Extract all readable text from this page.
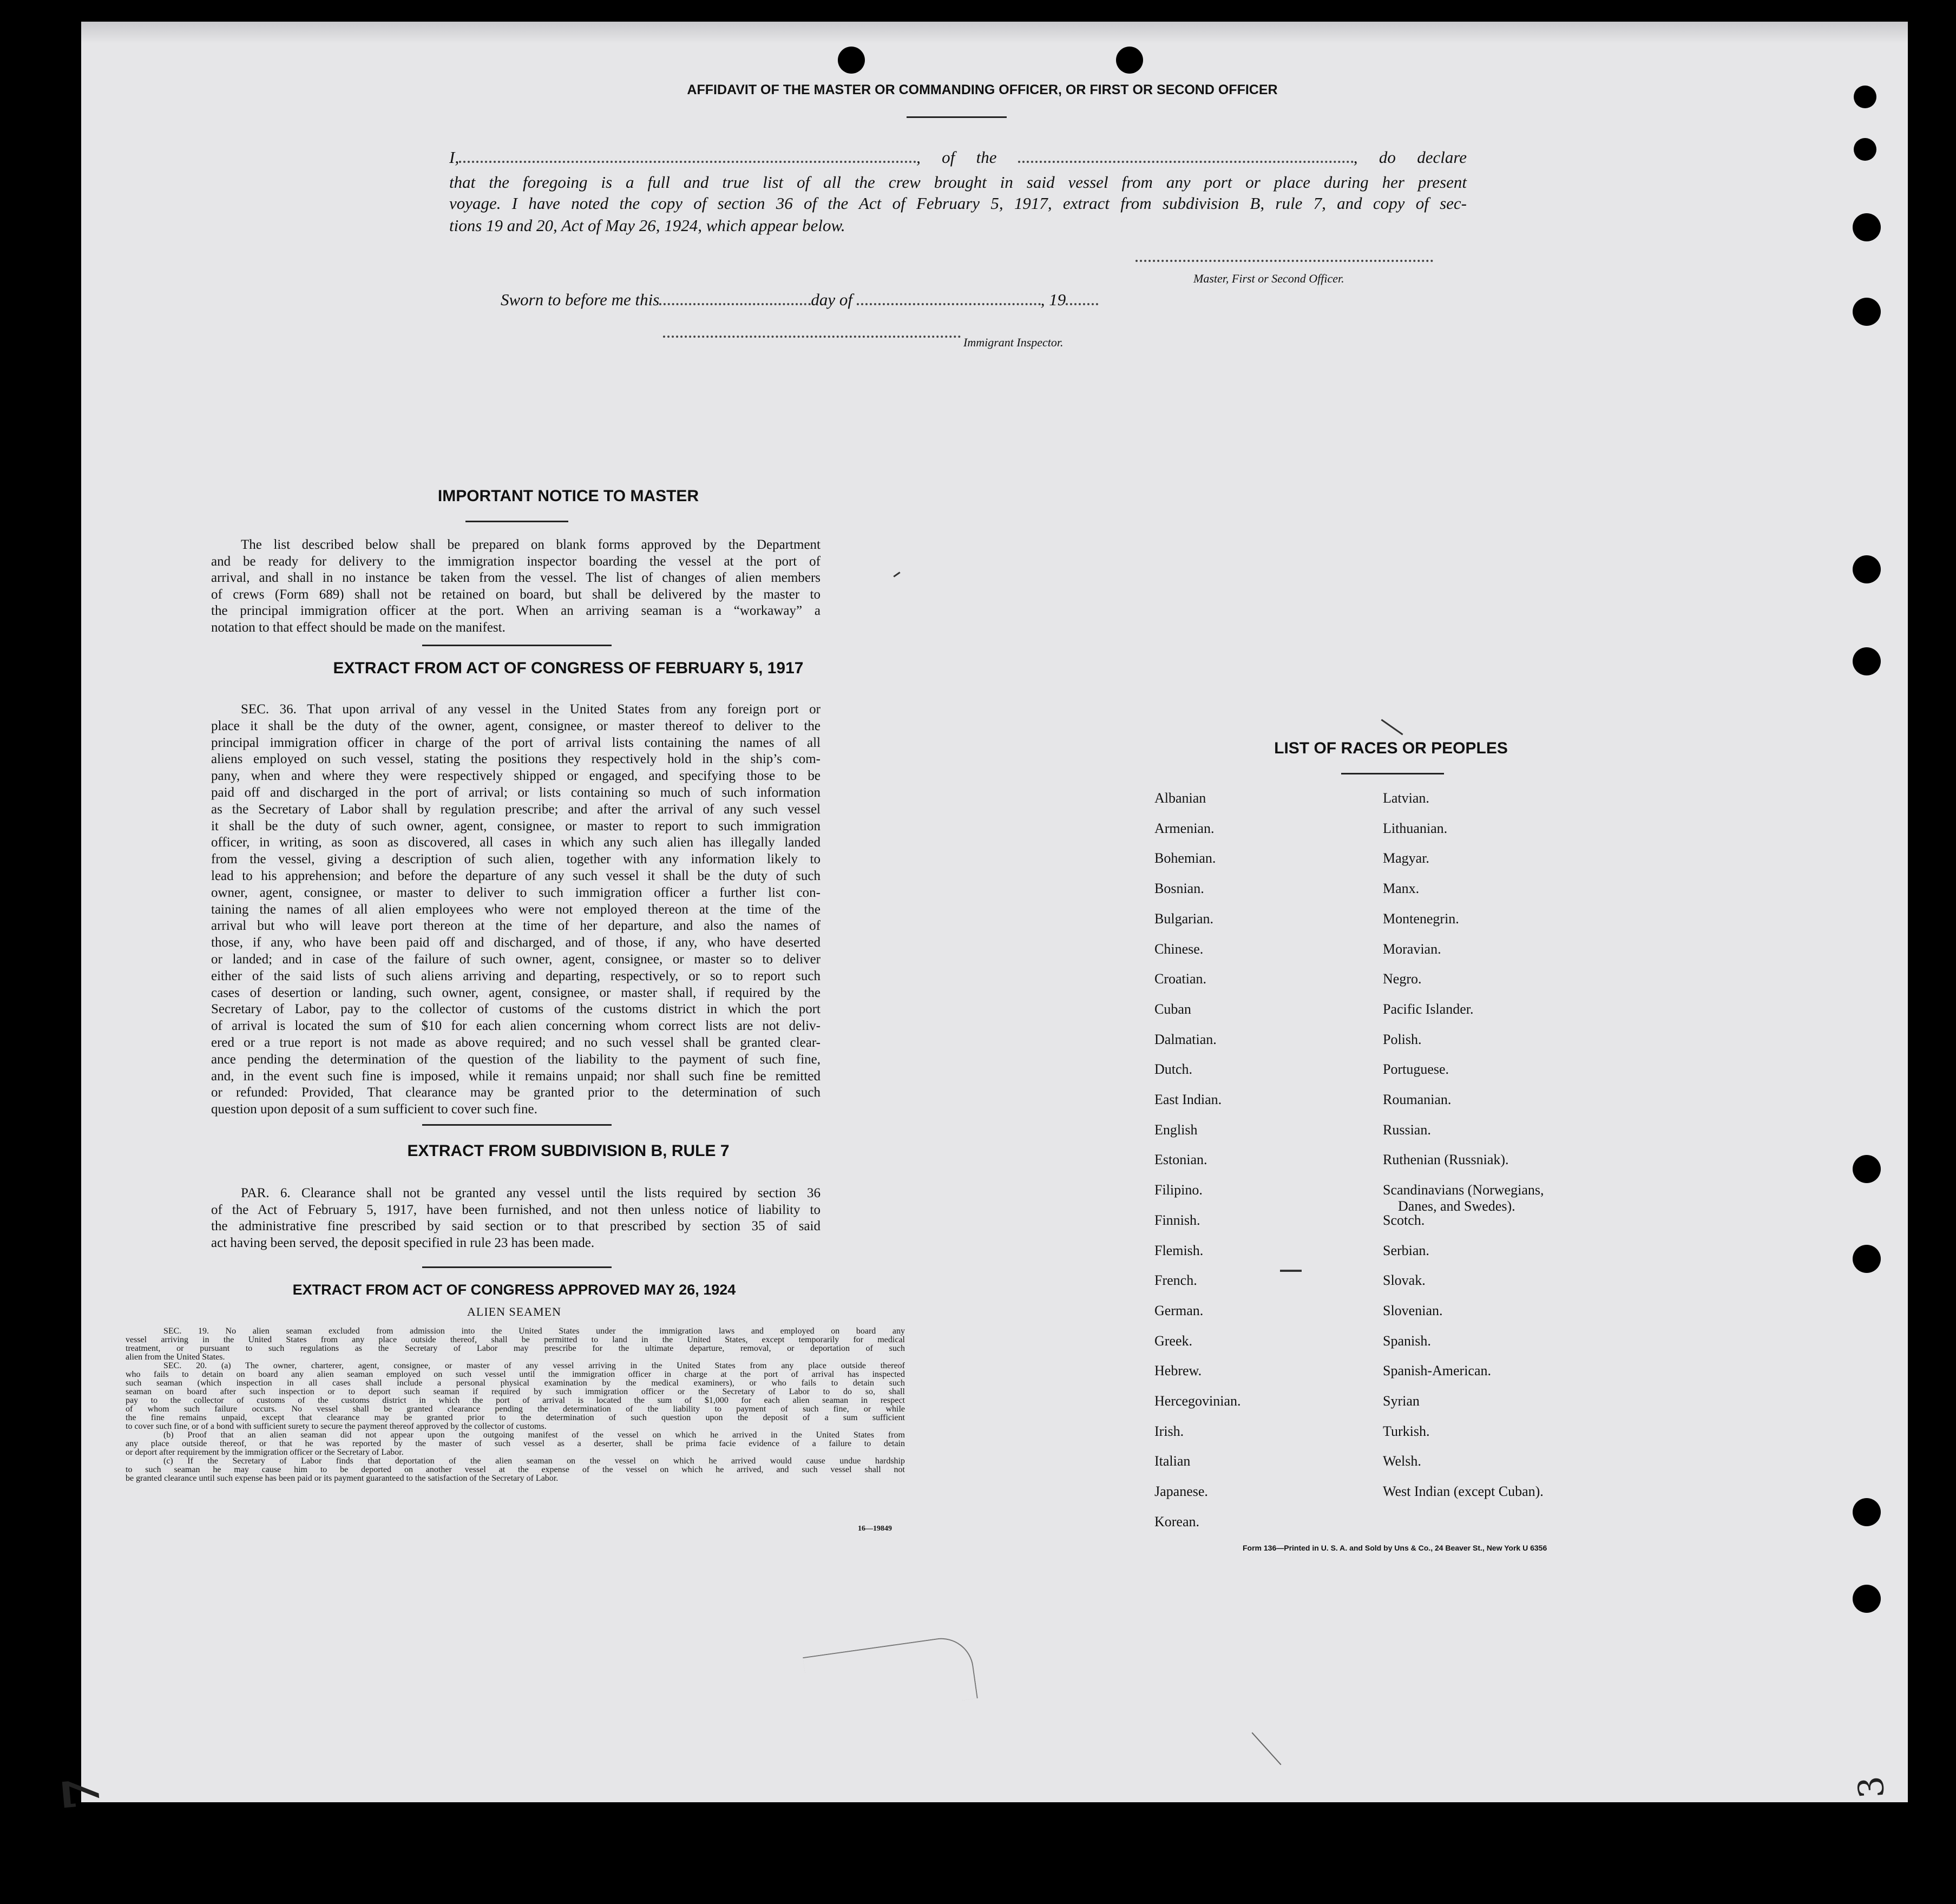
AFFIDAVIT OF THE MASTER OR COMMANDING OFFICER, OR FIRST OR SECOND OFFICER
I,	, of the	, do declare
that the foregoing is a full and true list of all the crew brought in said vessel from any port or place during her present
voyage. I have noted the copy of section 36 of the Act of February 5, 1917, extract from subdivision B, rule 7, and copy of sec-
tions 19 and 20, Act of May 26, 1924, which appear below.
Master, First or Second Officer.
Sworn to before me this	day of	, 19
Immigrant Inspector.
IMPORTANT NOTICE TO MASTER
The list described below shall be prepared on blank forms approved by the Department
and be ready for delivery to the immigration inspector boarding the vessel at the port of
arrival, and shall in no instance be taken from the vessel. The list of changes of alien members
of crews (Form 689) shall not be retained on board, but shall be delivered by the master to
the principal immigration officer at the port. When an arriving seaman is a “workaway” a
notation to that effect should be made on the manifest.
EXTRACT FROM ACT OF CONGRESS OF FEBRUARY 5, 1917
SEC. 36. That upon arrival of any vessel in the United States from any foreign port or
place it shall be the duty of the owner, agent, consignee, or master thereof to deliver to the
principal immigration officer in charge of the port of arrival lists containing the names of all
aliens employed on such vessel, stating the positions they respectively hold in the ship’s com-
pany, when and where they were respectively shipped or engaged, and specifying those to be
paid off and discharged in the port of arrival; or lists containing so much of such information
as the Secretary of Labor shall by regulation prescribe; and after the arrival of any such vessel
it shall be the duty of such owner, agent, consignee, or master to report to such immigration
officer, in writing, as soon as discovered, all cases in which any such alien has illegally landed
from the vessel, giving a description of such alien, together with any information likely to
lead to his apprehension; and before the departure of any such vessel it shall be the duty of such
owner, agent, consignee, or master to deliver to such immigration officer a further list con-
taining the names of all alien employees who were not employed thereon at the time of the
arrival but who will leave port thereon at the time of her departure, and also the names of
those, if any, who have been paid off and discharged, and of those, if any, who have deserted
or landed; and in case of the failure of such owner, agent, consignee, or master so to deliver
either of the said lists of such aliens arriving and departing, respectively, or so to report such
cases of desertion or landing, such owner, agent, consignee, or master shall, if required by the
Secretary of Labor, pay to the collector of customs of the customs district in which the port
of arrival is located the sum of $10 for each alien concerning whom correct lists are not deliv-
ered or a true report is not made as above required; and no such vessel shall be granted clear-
ance pending the determination of the question of the liability to the payment of such fine,
and, in the event such fine is imposed, while it remains unpaid; nor shall such fine be remitted
or refunded: Provided, That clearance may be granted prior to the determination of such
question upon deposit of a sum sufficient to cover such fine.
EXTRACT FROM SUBDIVISION B, RULE 7
PAR. 6. Clearance shall not be granted any vessel until the lists required by section 36
of the Act of February 5, 1917, have been furnished, and not then unless notice of liability to
the administrative fine prescribed by said section or to that prescribed by section 35 of said
act having been served, the deposit specified in rule 23 has been made.
EXTRACT FROM ACT OF CONGRESS APPROVED MAY 26, 1924
ALIEN SEAMEN
SEC. 19. No alien seaman excluded from admission into the United States under the immigration laws and employed on board any
vessel arriving in the United States from any place outside thereof, shall be permitted to land in the United States, except temporarily for medical
treatment, or pursuant to such regulations as the Secretary of Labor may prescribe for the ultimate departure, removal, or deportation of such
alien from the United States.
SEC. 20. (a) The owner, charterer, agent, consignee, or master of any vessel arriving in the United States from any place outside thereof
who fails to detain on board any alien seaman employed on such vessel until the immigration officer in charge at the port of arrival has inspected
such seaman (which inspection in all cases shall include a personal physical examination by the medical examiners), or who fails to detain such
seaman on board after such inspection or to deport such seaman if required by such immigration officer or the Secretary of Labor to do so, shall
pay to the collector of customs of the customs district in which the port of arrival is located the sum of $1,000 for each alien seaman in respect
of whom such failure occurs. No vessel shall be granted clearance pending the determination of the liability to payment of such fine, or while
the fine remains unpaid, except that clearance may be granted prior to the determination of such question upon the deposit of a sum sufficient
to cover such fine, or of a bond with sufficient surety to secure the payment thereof approved by the collector of customs.
(b) Proof that an alien seaman did not appear upon the outgoing manifest of the vessel on which he arrived in the United States from
any place outside thereof, or that he was reported by the master of such vessel as a deserter, shall be prima facie evidence of a failure to detain
or deport after requirement by the immigration officer or the Secretary of Labor.
(c) If the Secretary of Labor finds that deportation of the alien seaman on the vessel on which he arrived would cause undue hardship
to such seaman he may cause him to be deported on another vessel at the expense of the vessel on which he arrived, and such vessel shall not
be granted clearance until such expense has been paid or its payment guaranteed to the satisfaction of the Secretary of Labor.
16—19849
LIST OF RACES OR PEOPLES
Albanian
Armenian.
Bohemian.
Bosnian.
Bulgarian.
Chinese.
Croatian.
Cuban
Dalmatian.
Dutch.
East Indian.
English
Estonian.
Filipino.
Finnish.
Flemish.
French.
German.
Greek.
Hebrew.
Hercegovinian.
Irish.
Italian
Japanese.
Korean.
Latvian.
Lithuanian.
Magyar.
Manx.
Montenegrin.
Moravian.
Negro.
Pacific Islander.
Polish.
Portuguese.
Roumanian.
Russian.
Ruthenian (Russniak).
Scandinavians (Norwegians,
Danes, and Swedes).
Scotch.
Serbian.
Slovak.
Slovenian.
Spanish.
Spanish-American.
Syrian
Turkish.
Welsh.
West Indian (except Cuban).
Form 136—Printed in U. S. A. and Sold by Uns & Co., 24 Beaver St., New York U 6356
7	3
